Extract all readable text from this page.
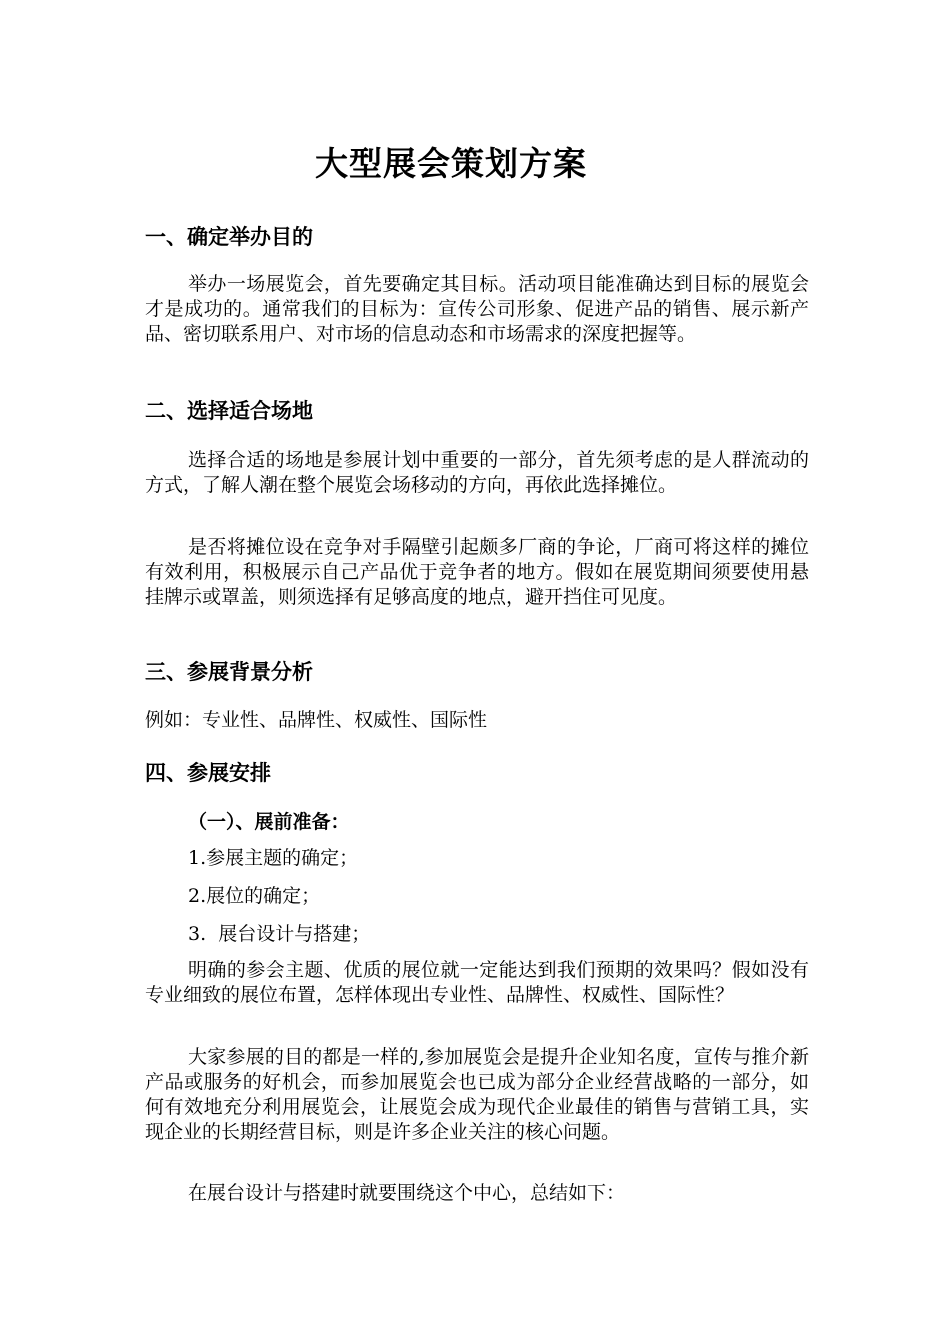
大型展会策划方案
一、确定举办目的

举办一场展览会，首先要确定其目标。活动项目能准确达到目标的展览会才是成功的。通常我们的目标为：宣传公司形象、促进产品的销售、展示新产品、密切联系用户、对市场的信息动态和市场需求的深度把握等。

二、选择适合场地

选择合适的场地是参展计划中重要的一部分，首先须考虑的是人群流动的方式，了解人潮在整个展览会场移动的方向，再依此选择摊位。

是否将摊位设在竞争对手隔壁引起颇多厂商的争论，厂商可将这样的摊位有效利用，积极展示自己产品优于竞争者的地方。假如在展览期间须要使用悬挂牌示或罩盖，则须选择有足够高度的地点，避开挡住可见度。

三、参展背景分析

例如：专业性、品牌性、权威性、国际性

四、参展安排
（一）、展前准备：
1.参展主题的确定；
2.展位的确定；
3.  展台设计与搭建；

明确的参会主题、优质的展位就一定能达到我们预期的效果吗？假如没有专业细致的展位布置，怎样体现出专业性、品牌性、权威性、国际性？

大家参展的目的都是一样的,参加展览会是提升企业知名度，宣传与推介新产品或服务的好机会，而参加展览会也已成为部分企业经营战略的一部分，如何有效地充分利用展览会，让展览会成为现代企业最佳的销售与营销工具，实现企业的长期经营目标，则是许多企业关注的核心问题。

在展台设计与搭建时就要围绕这个中心，总结如下：
